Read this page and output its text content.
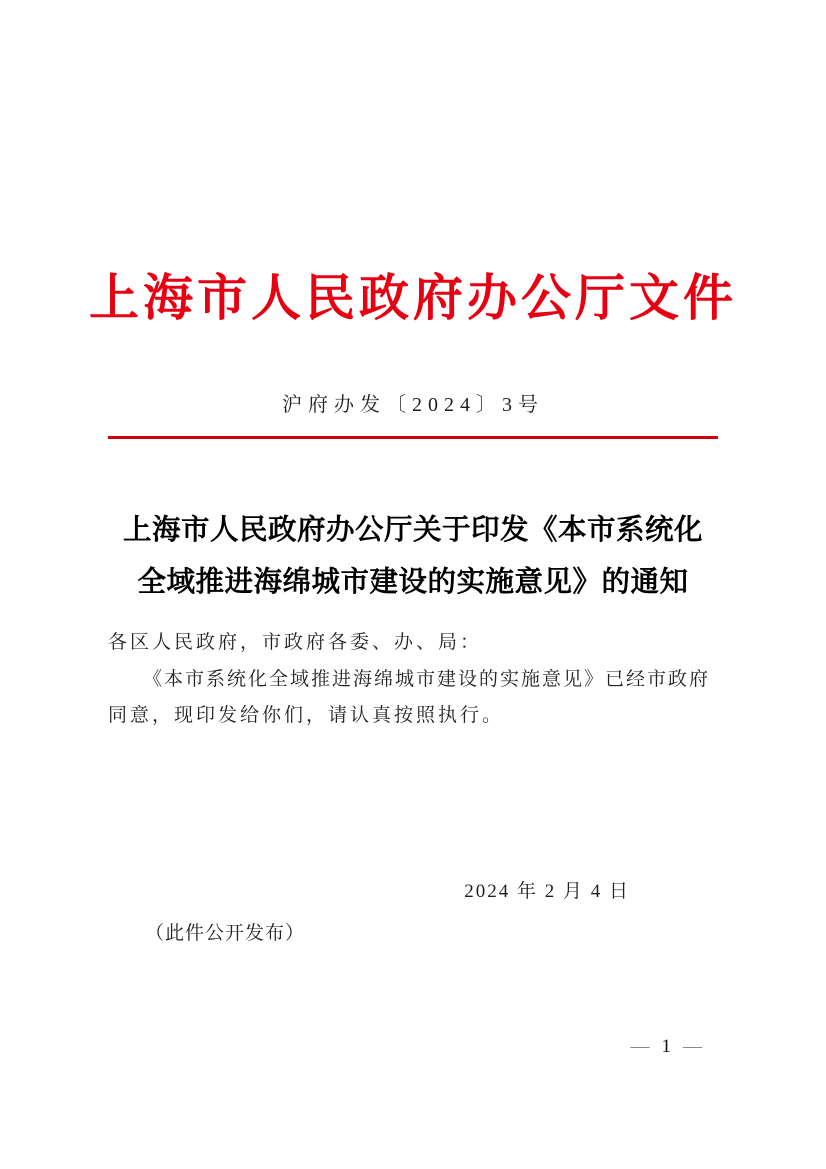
上海市人民政府办公厅文件
沪府办发〔2024〕3号
上海市人民政府办公厅关于印发《本市系统化
全域推进海绵城市建设的实施意见》的通知
各区人民政府，市政府各委、办、局：
《本市系统化全域推进海绵城市建设的实施意见》已经市政府
同意，现印发给你们，请认真按照执行。
2024 年 2 月 4 日
（此件公开发布）
— 1 —
